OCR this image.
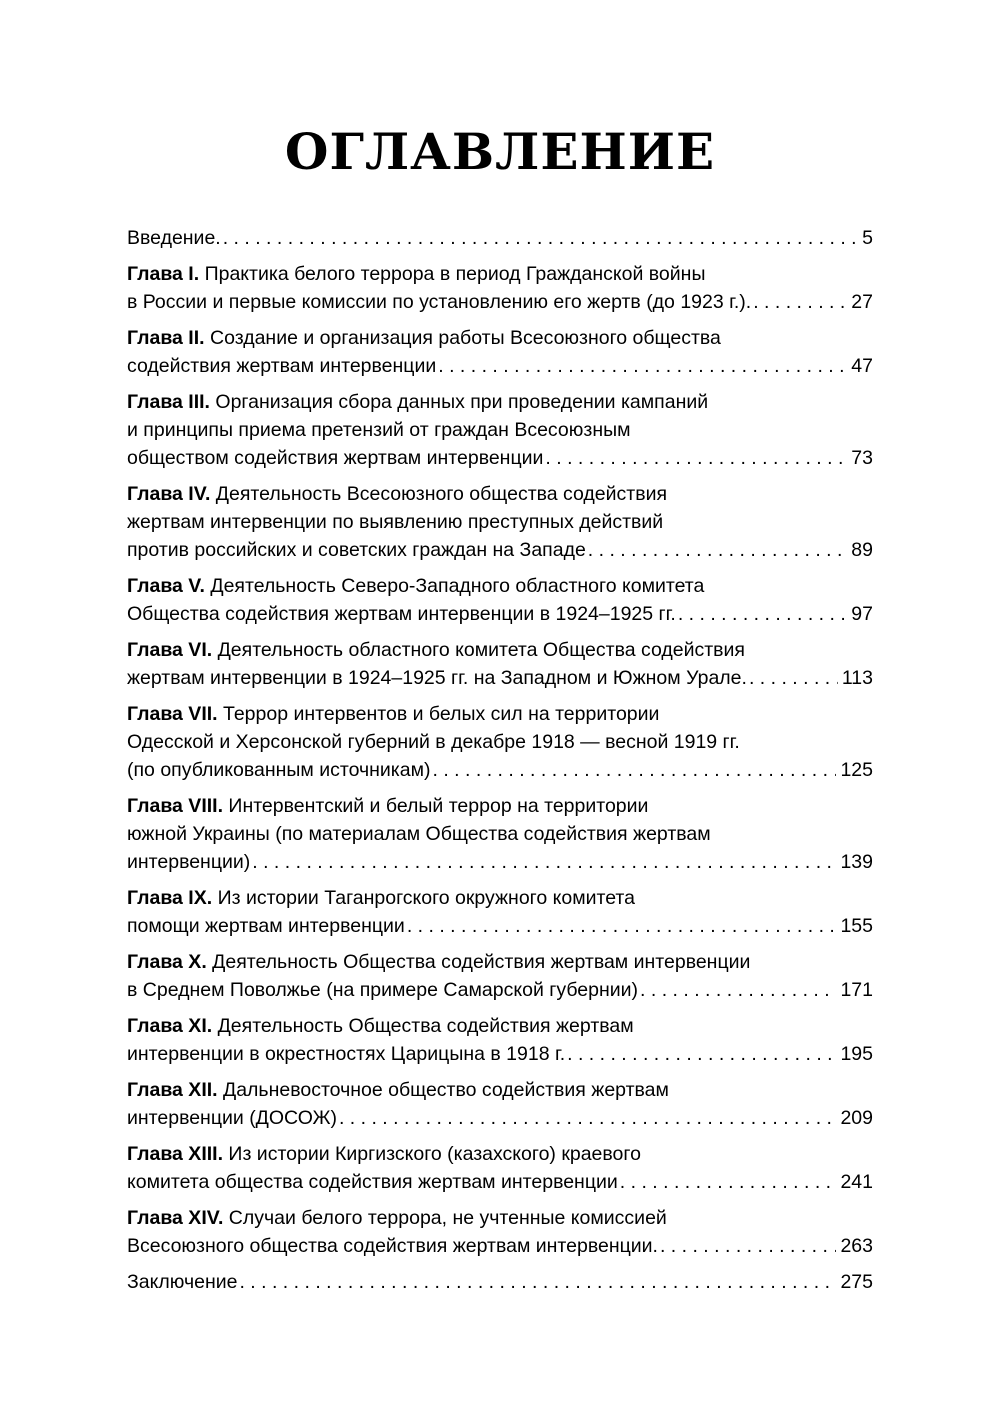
ОГЛАВЛЕНИЕ
Введение. . . .	5
Глава I. Практика белого террора в период Гражданской войны
в России и первые комиссии по установлению его жертв (до 1923 г.). . . .	27
Глава II. Создание и организация работы Всесоюзного общества
содействия жертвам интервенции . . .	47
Глава III. Организация сбора данных при проведении кампаний
и принципы приема претензий от граждан Всесоюзным
обществом содействия жертвам интервенции . . .	73
Глава IV. Деятельность Всесоюзного общества содействия
жертвам интервенции по выявлению преступных действий
против российских и советских граждан на Западе . . .	89
Глава V. Деятельность Северо-Западного областного комитета
Общества содействия жертвам интервенции в 1924–1925 гг. . . .	97
Глава VI. Деятельность областного комитета Общества содействия
жертвам интервенции в 1924–1925 гг. на Западном и Южном Урале. . . .	113
Глава VII. Террор интервентов и белых сил на территории
Одесской и Херсонской губерний в декабре 1918 — весной 1919 гг.
(по опубликованным источникам) . . .	125
Глава VIII. Интервентский и белый террор на территории
южной Украины (по материалам Общества содействия жертвам
интервенции) . . .	139
Глава IX. Из истории Таганрогского окружного комитета
помощи жертвам интервенции . . .	155
Глава X. Деятельность Общества содействия жертвам интервенции
в Среднем Поволжье (на примере Самарской губернии) . . .	171
Глава XI. Деятельность Общества содействия жертвам
интервенции в окрестностях Царицына в 1918 г. . . .	195
Глава XII. Дальневосточное общество содействия жертвам
интервенции (ДОСОЖ) . . .	209
Глава XIII. Из истории Киргизского (казахского) краевого
комитета общества содействия жертвам интервенции . . .	241
Глава XIV. Случаи белого террора, не учтенные комиссией
Всесоюзного общества содействия жертвам интервенции. . . .	263
Заключение . . .	275
